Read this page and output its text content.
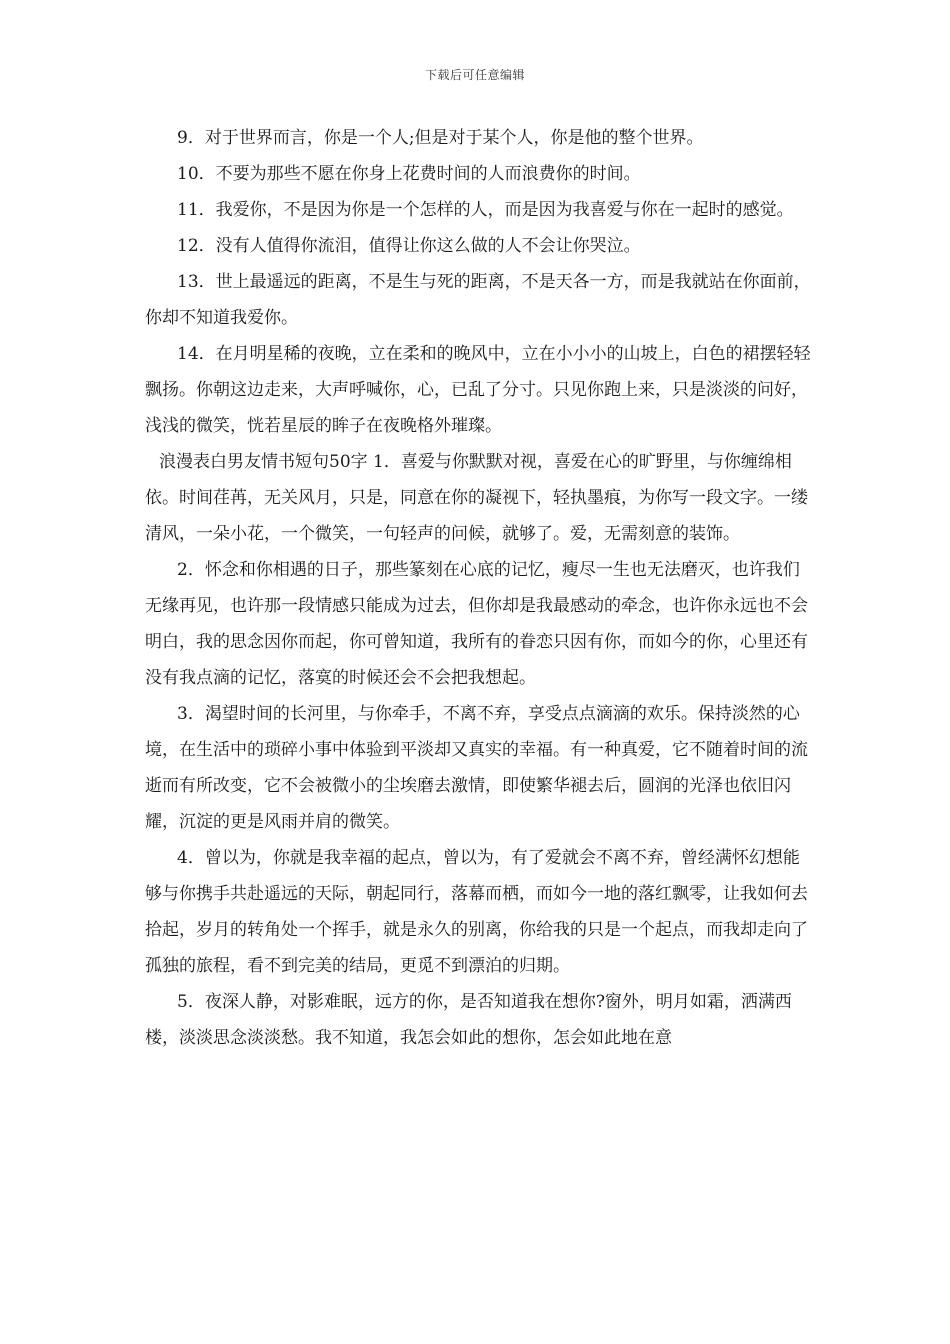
下载后可任意编辑

9．对于世界而言，你是一个人;但是对于某个人，你是他的整个世界。

10．不要为那些不愿在你身上花费时间的人而浪费你的时间。

11．我爱你，不是因为你是一个怎样的人，而是因为我喜爱与你在一起时的感觉。

12．没有人值得你流泪，值得让你这么做的人不会让你哭泣。

13．世上最遥远的距离，不是生与死的距离，不是天各一方，而是我就站在你面前，你却不知道我爱你。

14．在月明星稀的夜晚，立在柔和的晚风中，立在小小小的山坡上，白色的裙摆轻轻飘扬。你朝这边走来，大声呼喊你，心，已乱了分寸。只见你跑上来，只是淡淡的问好，浅浅的微笑，恍若星辰的眸子在夜晚格外璀璨。

浪漫表白男友情书短句50字 1．喜爱与你默默对视，喜爱在心的旷野里，与你缠绵相依。时间荏苒，无关风月，只是，同意在你的凝视下，轻执墨痕，为你写一段文字。一缕清风，一朵小花，一个微笑，一句轻声的问候，就够了。爱，无需刻意的装饰。

2．怀念和你相遇的日子，那些篆刻在心底的记忆，瘦尽一生也无法磨灭，也许我们无缘再见，也许那一段情感只能成为过去，但你却是我最感动的牵念，也许你永远也不会明白，我的思念因你而起，你可曾知道，我所有的眷恋只因有你，而如今的你，心里还有没有我点滴的记忆，落寞的时候还会不会把我想起。

3．渴望时间的长河里，与你牵手，不离不弃，享受点点滴滴的欢乐。保持淡然的心境，在生活中的琐碎小事中体验到平淡却又真实的幸福。有一种真爱，它不随着时间的流逝而有所改变，它不会被微小的尘埃磨去激情，即使繁华褪去后，圆润的光泽也依旧闪耀，沉淀的更是风雨并肩的微笑。

4．曾以为，你就是我幸福的起点，曾以为，有了爱就会不离不弃，曾经满怀幻想能够与你携手共赴遥远的天际，朝起同行，落幕而栖，而如今一地的落红飘零，让我如何去拾起，岁月的转角处一个挥手，就是永久的别离，你给我的只是一个起点，而我却走向了孤独的旅程，看不到完美的结局，更觅不到漂泊的归期。

5．夜深人静，对影难眠，远方的你，是否知道我在想你?窗外，明月如霜，洒满西楼，淡淡思念淡淡愁。我不知道，我怎会如此的想你，怎会如此地在意
